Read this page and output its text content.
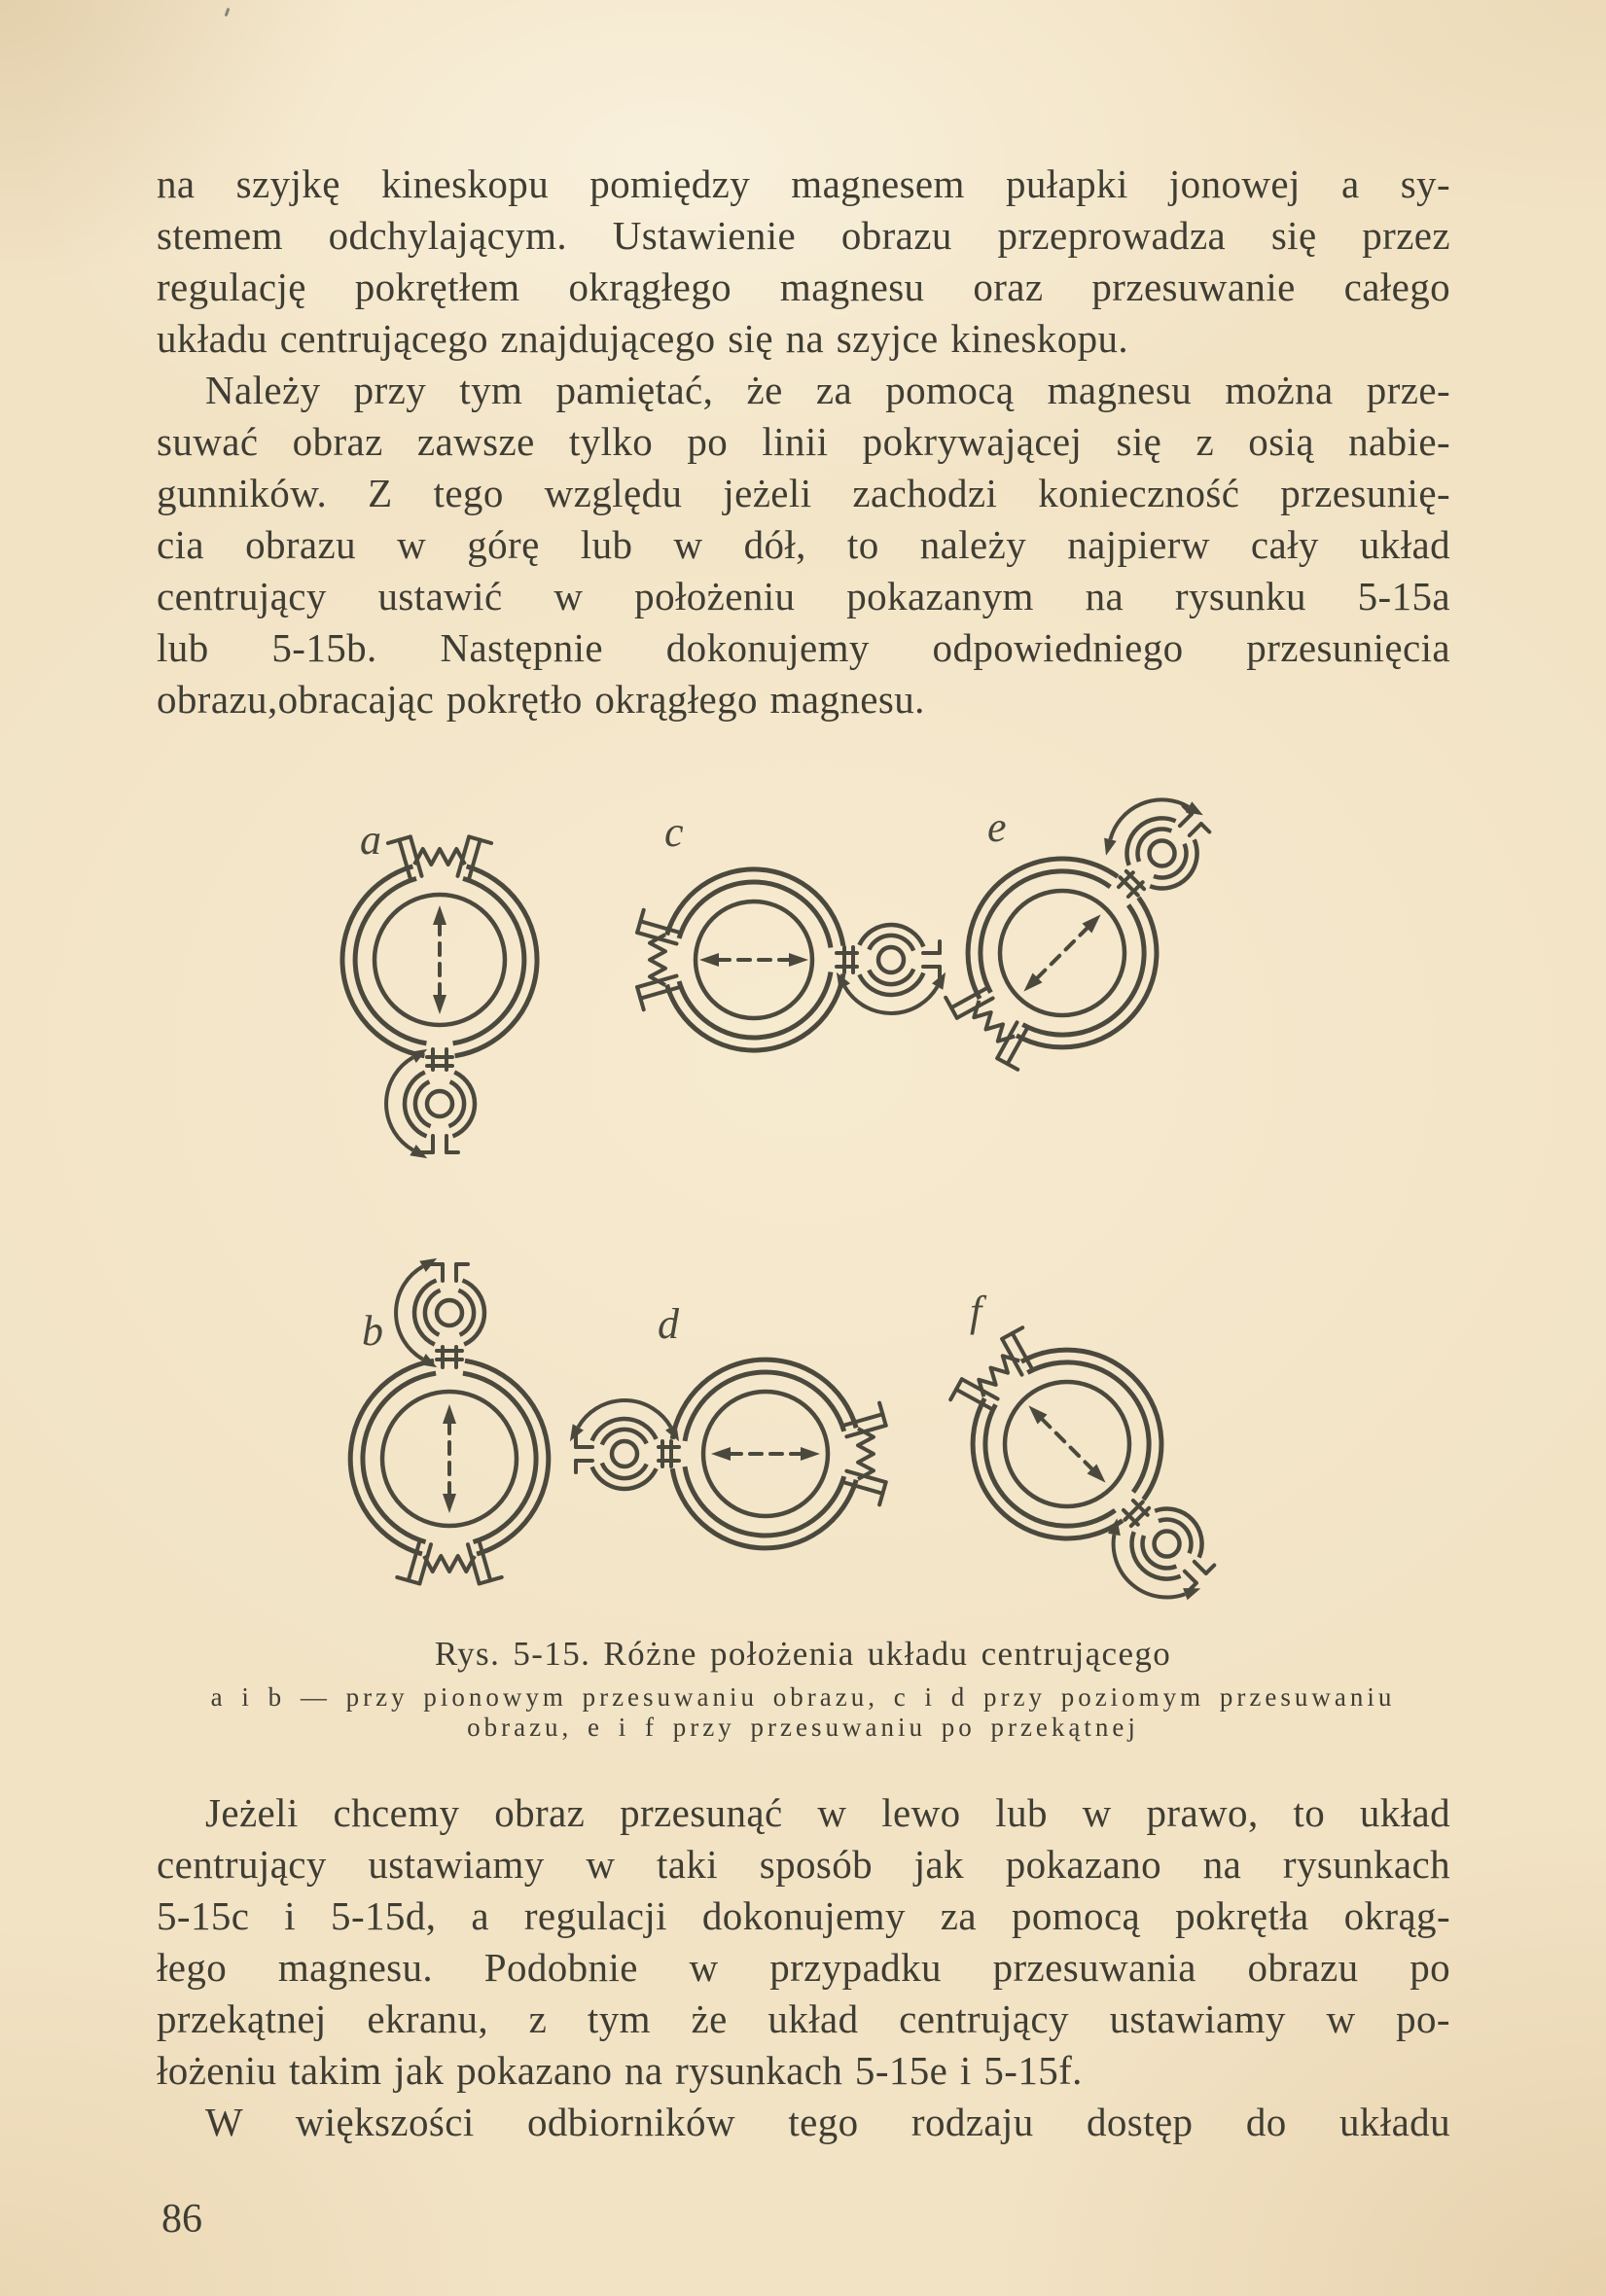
na szyjkę kineskopu pomiędzy magnesem pułapki jonowej a sy-
stemem odchylającym. Ustawienie obrazu przeprowadza się przez
regulację pokrętłem okrągłego magnesu oraz przesuwanie całego
układu centrującego znajdującego się na szyjce kineskopu.
Należy przy tym pamiętać, że za pomocą magnesu można prze-
suwać obraz zawsze tylko po linii pokrywającej się z osią nabie-
gunników. Z tego względu jeżeli zachodzi konieczność przesunię-
cia obrazu w górę lub w dół, to należy najpierw cały układ
centrujący ustawić w położeniu pokazanym na rysunku 5-15a
lub 5-15b. Następnie dokonujemy odpowiedniego przesunięcia
obrazu,obracając pokrętło okrągłego magnesu.
a	c	e
b	d	f
Rys. 5-15. Różne położenia układu centrującego
a i b — przy pionowym przesuwaniu obrazu, c i d przy poziomym przesuwaniu
obrazu, e i f przy przesuwaniu po przekątnej
Jeżeli chcemy obraz przesunąć w lewo lub w prawo, to układ
centrujący ustawiamy w taki sposób jak pokazano na rysunkach
5-15c i 5-15d, a regulacji dokonujemy za pomocą pokrętła okrąg-
łego magnesu. Podobnie w przypadku przesuwania obrazu po
przekątnej ekranu, z tym że układ centrujący ustawiamy w po-
łożeniu takim jak pokazano na rysunkach 5-15e i 5-15f.
W większości odbiorników tego rodzaju dostęp do układu
86
